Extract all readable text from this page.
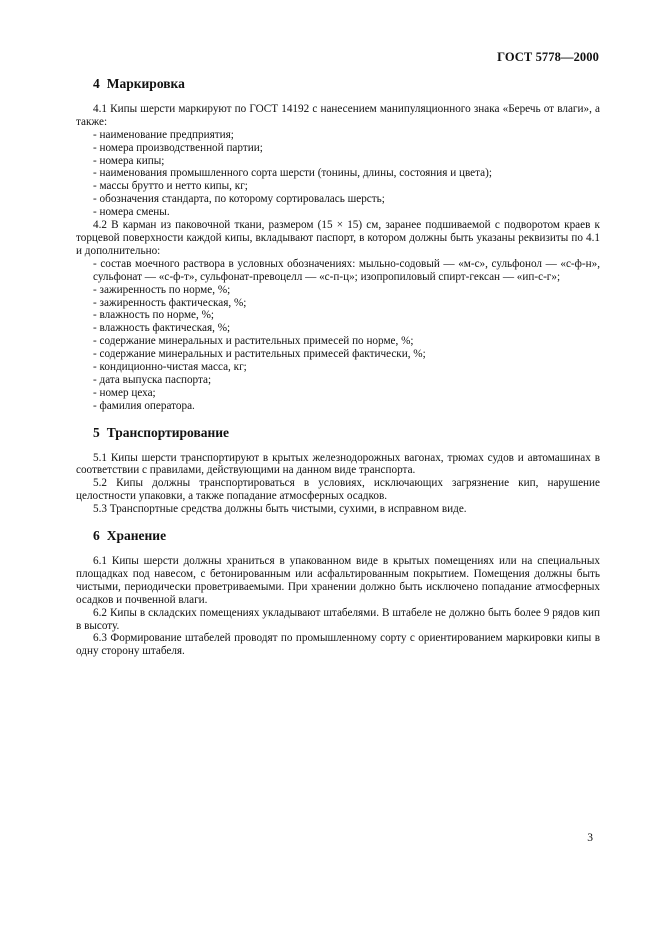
ГОСТ 5778—2000
4 Маркировка

4.1 Кипы шерсти маркируют по ГОСТ 14192 с нанесением манипуляционного знака «Беречь от влаги», а также:

- наименование предприятия;
- номера производственной партии;
- номера кипы;
- наименования промышленного сорта шерсти (тонины, длины, состояния и цвета);
- массы брутто и нетто кипы, кг;
- обозначения стандарта, по которому сортировалась шерсть;
- номера смены.

4.2 В карман из паковочной ткани, размером (15 × 15) см, заранее подшиваемой с подворотом краев к торцевой поверхности каждой кипы, вкладывают паспорт, в котором должны быть указаны реквизиты по 4.1 и дополнительно:

- состав моечного раствора в условных обозначениях: мыльно-содовый — «м-с», сульфонол — «с-ф-н», сульфонат — «с-ф-т», сульфонат-превоцелл — «с-п-ц»; изопропиловый спирт-гексан — «ип-с-г»;
- зажиренность по норме, %;
- зажиренность фактическая, %;
- влажность по норме, %;
- влажность фактическая, %;
- содержание минеральных и растительных примесей по норме, %;
- содержание минеральных и растительных примесей фактически, %;
- кондиционно-чистая масса, кг;
- дата выпуска паспорта;
- номер цеха;
- фамилия оператора.
5 Транспортирование

5.1 Кипы шерсти транспортируют в крытых железнодорожных вагонах, трюмах судов и автомашинах в соответствии с правилами, действующими на данном виде транспорта.

5.2 Кипы должны транспортироваться в условиях, исключающих загрязнение кип, нарушение целостности упаковки, а также попадание атмосферных осадков.

5.3 Транспортные средства должны быть чистыми, сухими, в исправном виде.

6 Хранение

6.1 Кипы шерсти должны храниться в упакованном виде в крытых помещениях или на специальных площадках под навесом, с бетонированным или асфальтированным покрытием. Помещения должны быть чистыми, периодически проветриваемыми. При хранении должно быть исключено попадание атмосферных осадков и почвенной влаги.

6.2 Кипы в складских помещениях укладывают штабелями. В штабеле не должно быть более 9 рядов кип в высоту.

6.3 Формирование штабелей проводят по промышленному сорту с ориентированием маркировки кипы в одну сторону штабеля.

3
